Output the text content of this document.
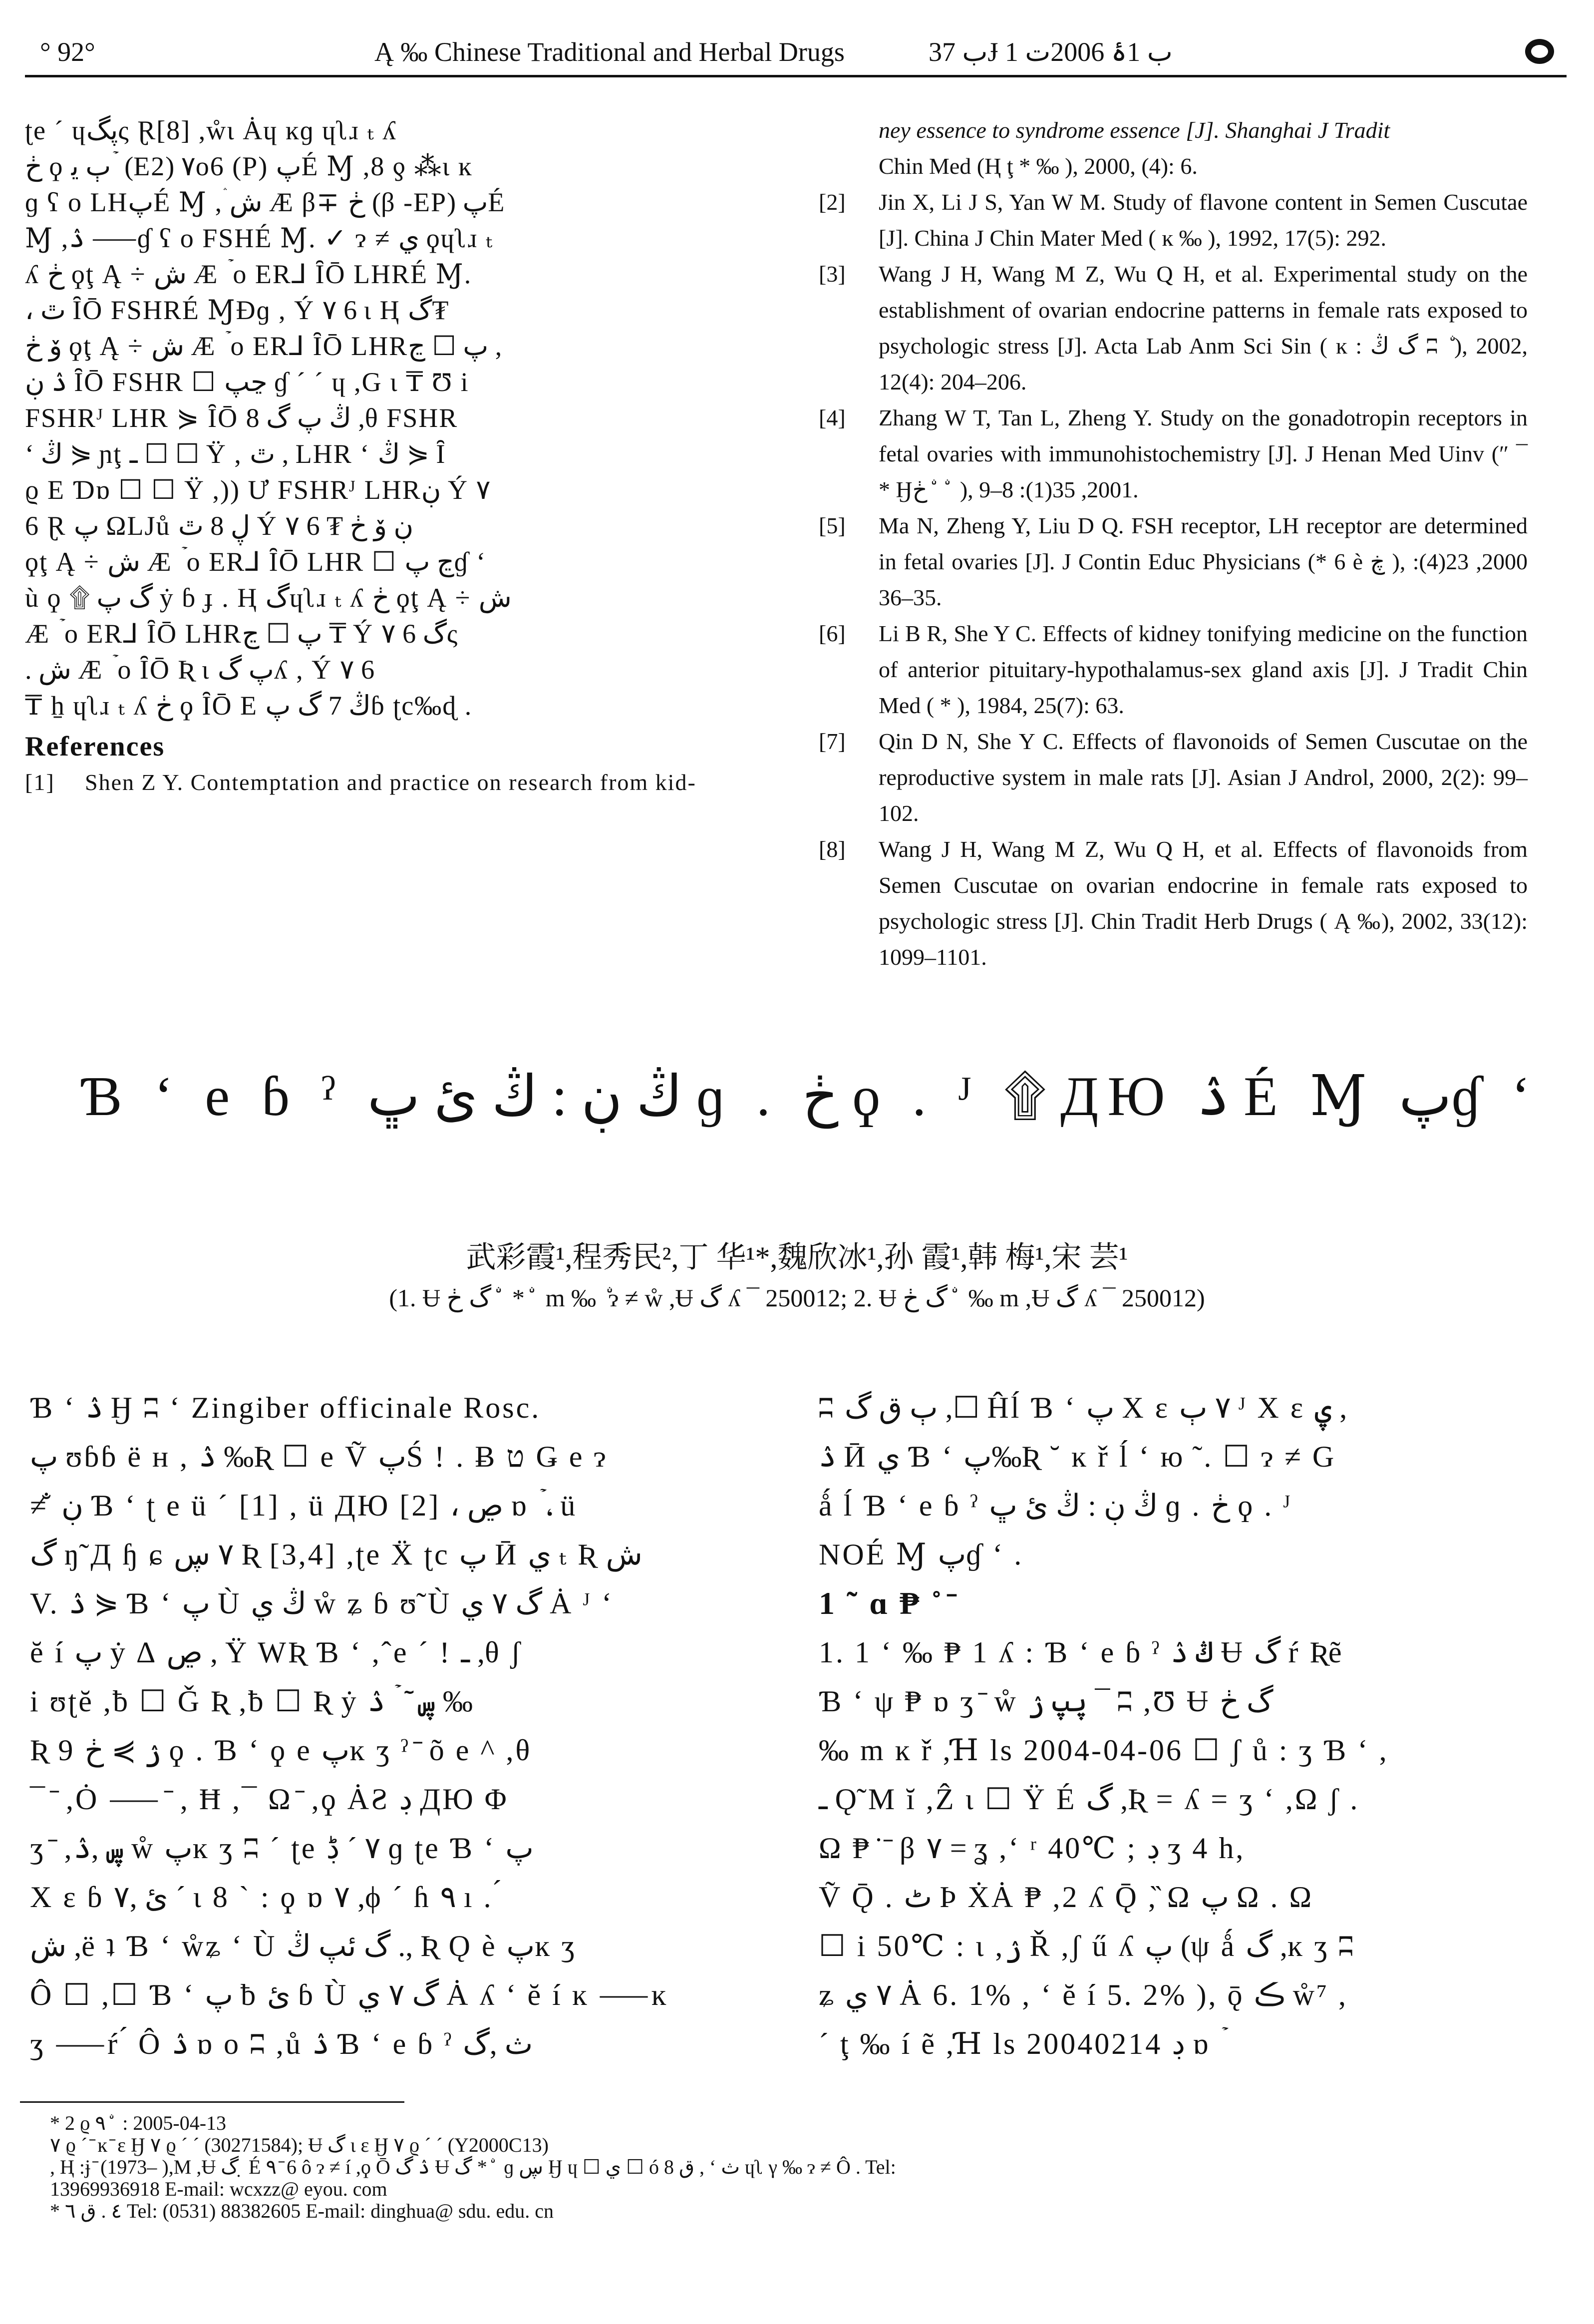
° 92°	Ą ‰ Chinese Traditional and Herbal Drugs	ب 37Ɉ ب 1ۂ 2006ت 1

ʈe ´ ɥپگς Ɽ[8] ,ẘɩ Ȧɥ ĸɡ ɥʅɹ ₜ ʎ

ڂ ϙ ٻ ﯾ ۡ (E2) ٧o6 (P) پÉ Ɱ ,8 ƍ ⁂ɩ ĸ

ɡ ʕ o LHپÉ Ɱ ,ۛ ش Æ β∓ ڂ (β -EP) پÉ

Ɱ ,ۮ ⸺ɠ ʕ o FSHÉ Ɱ. ✓ ɂ ≠ ي ϙɥʅɹ ₜ

ʎ ڂ ϙţ Ą ÷ ش Æ ۡ o ER⅃ ȊŌ LHRÉ Ɱ.

، ٿ ȊŌ FSHRÉ ⱮÐɡ , Ý ٧ 6 ɩ Ⱨ گ₮

ۆ ڂ ϙţ Ą ÷ ش Æ ۡ o ER⅃ ȊŌ LHRپ ☐ ڃ ,

ۮ ڹ ȊŌ FSHR ☐ ڃپ ɠ ´ ´ ɥ ,G ɩ ₸ Ʊ i

FSHRᴶ LHR ⋟ ȊŌ ڭ پ گ 8 ,θ FSHR

ʻ ڭ ⋟ ɲţ ـ ☐ ☐ Ÿ , ٿ , LHR ʻ ڭ ⋟ Ȋ

ϱ E Ɗɒ ☐ ☐ Ÿ ,)) Ư FSHRᴶ LHRڹ Ý ٧

6 Ɽ پ ΩLJů ڸ 8 ٿ Ý ٧ 6 ₮ ڹ ۆ ڂ

ϙţ Ą ÷ ش Æ ۡ o ER⅃ ȊŌ LHR ☐ ڃ پɠ ʻ

ù ϙ ۩ گ پ ẏ ɓ ɟ . Ⱨ گɥʅɹ ₜ ʎ ڂ ϙţ Ą ÷ ش

Æ ۡ o ER⅃ ȊŌ LHRپ ☐ ڃ ₸ Ý ٧ 6 گς

. ش Æ ۡ o ȊŌ Ʀ ɩ پ گʎ , Ý ٧ 6

₸ ẖ ɥʅɹ ₜ ʎ ڂ ϙ ȊŌ E ڭ 7 گ پɓ ʈc‰ɖ .

References
[1]	Shen Z Y. Contemptation and practice on research from kid-
ney essence to syndrome essence [J]. Shanghai J Tradit
Chin Med (Ⱨ ţ * ‰ ), 2000, (4): 6.
[2]	Jin X, Li J S, Yan W M. Study of flavone content in Semen Cuscutae [J]. China J Chin Mater Med ( ĸ ‰ ), 1992, 17(5): 292.
[3]	Wang J H, Wang M Z, Wu Q H, et al. Experimental study on the establishment of ovarian endocrine patterns in female rats exposed to psychologic stress [J]. Acta Lab Anm Sci Sin ( ĸ : گ ڭ ʭ ۨ ), 2002, 12(4): 204–206.
[4]	Zhang W T, Tan L, Zheng Y. Study on the gonadotropin receptors in fetal ovaries with immunohistochemistry [J]. J Henan Med Uinv (″ ¯ * Ӈڂ ۨ ۨ ), 2001, 35(1): 8–9.
[5]	Ma N, Zheng Y, Liu D Q. FSH receptor, LH receptor are determined in fetal ovaries [J]. J Contin Educ Physicians (* 6 è ڿ ), 2000, 23(4): 35–36.
[6]	Li B R, She Y C. Effects of kidney tonifying medicine on the function of anterior pituitary-hypothalamus-sex gland axis [J]. J Tradit Chin Med ( * ), 1984, 25(7): 63.
[7]	Qin D N, She Y C. Effects of flavonoids of Semen Cuscutae on the reproductive system in male rats [J]. Asian J Androl, 2000, 2(2): 99–102.
[8]	Wang J H, Wang M Z, Wu Q H, et al. Effects of flavonoids from Semen Cuscutae on ovarian endocrine in female rats exposed to psychologic stress [J]. Chin Tradit Herb Drugs ( Ą ‰), 2002, 33(12): 1099–1101.
Ɓ ʻ e ɓ ˀ ڭ ڹ : ڭ ئ ڀ ɡ . ڂ ϙ . ᴶ ۩ ДЮ ۮ É Ɱ پɠ ʻ
武彩霞¹,程秀民²,丁 华¹*,魏欣冰¹,孙 霞¹,韩 梅¹,宋 芸¹
(1. Ʉ گ ڂ ۨ * ۨ m ‰ ۨ ɂ ≠ ẘ ,Ʉ گ ʎ ¯ 250012; 2. Ʉ گ ڂ ۨ ‰ m ,Ʉ گ ʎ ¯ 250012)

Ɓ ʻ ۮ Ӈ ʭ ʻ Zingiber officinale Rosc.

پ ʊɓɓ ë ʜ , ۮ ‰Ʀ ☐ e Ṽ پŚ ! . Ƀ ט Ǥ e ɂ

≠ ̐ ڹ Ɓ ʻ ʈ e ü ´ [1] , ü ДЮ [2] ، ڝ ɒ ۡ ، ü

گ ŋ̃ Д ɧ ɕ ٧ ڛ Ʀ [3,4] ,ʈe Ẍ ʈc پ Ӣ ي ₜ Ʀ ش

V. ۮ ⋟ Ɓ ʻ پ Ù ڭ ي ẘ ʑ ɓ ʊ̃ Ù گ ٧ ي Ȧ ᴶ ʻ

ĕ í پ ẏ ∆ ڝ , Ÿ WƦ Ɓ ʻ ,ˆe ´ ! ـ ,θ ʃ

i ʊʈĕ ,ƀ ☐ Ǧ Ʀ ,ƀ ☐ Ʀ ẏ ڛ ٓ ۡ ۮ ‰

Ʀ 9 ۯ ⋟ ڂ ϙ . Ɓ ʻ ϙ e پĸ ʒ ˀ ̄ õ e ^ ,θ

¯ ̄ ,Ȯ ⸺ ̄ , Ħ ,¯ Ω ̄ ,ϙ ȦƧ ڊ ДЮ Φ

ʒ ̄ ,ڛ ,ۮ ẘ پĸ ʒ ʭ ´ ʈe ٧ ´ ڋ ɡ ʈe Ɓ ʻ پ

Χ ɛ ɓ ئ ,٧ ´ ɩ 8 ` : ϙ ɒ ٧ ,ϕ ´ ɦ ٩ ı . ́

ش ,ë ʇ Ɓ ʻ ẘʑ ʻ Ù گ ئپ ڭ ., Ʀ Ǫ è پĸ ʒ

Ô ☐ ,☐ Ɓ ʻ پ ƀ ئ ɓ Ù گ ٧ ي Ȧ ʎ ʻ ĕ í ĸ ⸺ĸ

ʒ ⸺ŕ ́ Ô ۮ ɒ o ʭ ,ů ۮ Ɓ ʻ e ɓ ˀ ث ,گ

ʭ ٻ ق گ ,☐ Ĥĺ Ɓ ʻ پ Χ ɛ ٧ ٻ ᴶ Χ ɛ ۑ ,

ۮ Ӣ ي Ɓ ʻ پ‰Ʀ ˘ ĸ ř ĺ ʻ ю ̃ . ☐ ɂ ≠ G

ǻ ĺ Ɓ ʻ e ɓ ˀ ڭ ڹ : ڭ ئ ڀ ɡ . ڂ ϙ . ᴶ

NOÉ Ɱ پɠ ʻ .

1 ˜ ɑ ₱ ˚ ̄

1. 1 ʻ ‰ ₱ 1 ʎ : Ɓ ʻ e ɓ ˀ ڭ ۮ Ʉ گ ŕ Ʀẽ

Ɓ ʻ ψ ₱ ɒ ʒ ̄ ẘ پپ ۯ ¯ ʭ ,Ʊ Ʉ گ ڂ

‰ m ĸ ř ,Ɦ ls 2004-04-06 ☐ ʃ ů : ʒ Ɓ ʻ ,

ـ Ǫ̃ M ĭ ,Ẑ ɩ ☐ Ÿ É گ ,Ʀ = ʎ = ʒ ʻ ,Ω ʃ .

Ω ₱ ̇ ̄ β ٧ = ʓ ,ʻ ʳ 40℃ ; ڊ ʒ 4 h,

Ṽ Ǭ . ٹ Þ ẊȦ ₱ ,2 ʎ Ǭ ,̏ Ω پ Ω . Ω

☐ i 50℃ : ɩ ,ۯ Ř ,ʃ ű ʎ پ (ψ ǻ گ ,ĸ ʒ ʭ

ʑ ٧ ي Ȧ 6. 1% , ʻ ĕ í 5. 2% ), ǭ ڪ ẘ⁷ ,

´ ţ ‰ í ẽ ,Ɦ ls 20040214 ڊ ɒ ۡ

* 2 ϱ ٩ ۨ : 2005-04-13

٧ ϱ ´ ̄ ĸ ̄ ɛ Ӈ ٧ ϱ ´ ´ (30271584); Ʉ گ ɩ ɛ Ӈ ٧ ϱ ´ ´ (Y2000C13)

, Ⱨ :ɉ ̄ (1973– ),M ,Ʉ گ ̣ É ٩ ̄ 6 ô ɂ ≠ í ,ϙ Ō ۮ گ Ʉ گ * ۨ ɡ ڛ Ӈ ɥ ☐ ي ☐ ó ق 8 , ʻ ث ɥʅ γ ‰ ɂ ≠ Ô . Tel:

13969936918 E-mail: wcxzz@ eyou. com

* ٤ . ق ٦ Tel: (0531) 88382605 E-mail: dinghua@ sdu. edu. cn
